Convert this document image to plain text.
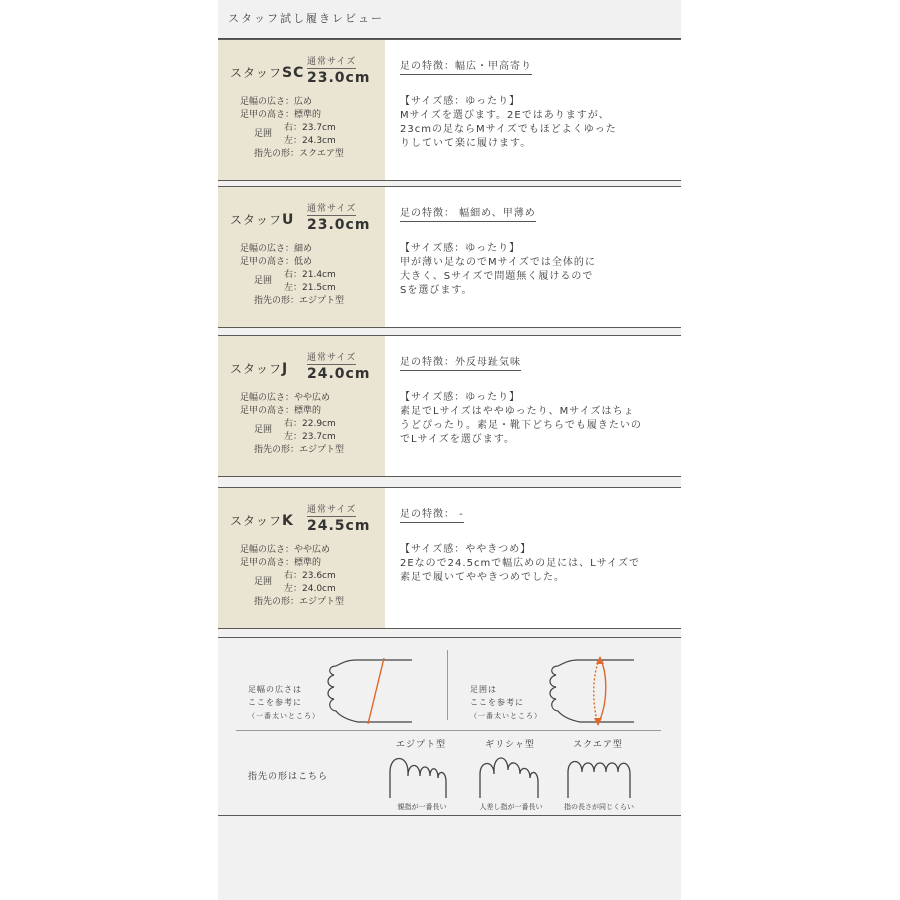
スタッフ試し履きレビュー
スタッフSC
通常サイズ
23.0cm
足幅の広さ：広め
足甲の高さ：標準的
足囲
右：23.7cm
左：24.3cm
指先の形：スクエア型
足の特徴：幅広・甲高寄り
【サイズ感：ゆったり】
Mサイズを選びます。2Eではありますが、
23cmの足ならMサイズでもほどよくゆった
りしていて楽に履けます。
スタッフU
通常サイズ
23.0cm
足幅の広さ：細め
足甲の高さ：低め
足囲
右：21.4cm
左：21.5cm
指先の形：エジプト型
足の特徴： 幅細め、甲薄め
【サイズ感：ゆったり】
甲が薄い足なのでMサイズでは全体的に
大きく、Sサイズで問題無く履けるので
Sを選びます。
スタッフJ
通常サイズ
24.0cm
足幅の広さ：やや広め
足甲の高さ：標準的
足囲
右：22.9cm
左：23.7cm
指先の形：エジプト型
足の特徴：外反母趾気味
【サイズ感：ゆったり】
素足でLサイズはややゆったり、Mサイズはちょ
うどぴったり。素足・靴下どちらでも履きたいの
でLサイズを選びます。
スタッフK
通常サイズ
24.5cm
足幅の広さ：やや広め
足甲の高さ：標準的
足囲
右：23.6cm
左：24.0cm
指先の形：エジプト型
足の特徴： -
【サイズ感：ややきつめ】
2Eなので24.5cmで幅広めの足には、Lサイズで
素足で履いてややきつめでした。

足幅の広さは
ここを参考に
（一番太いところ）

足囲は
ここを参考に
（一番太いところ）

指先の形はこちら
エジプト型
親指が一番長い
ギリシャ型
人差し指が一番長い
スクエア型
指の長さが同じくらい
